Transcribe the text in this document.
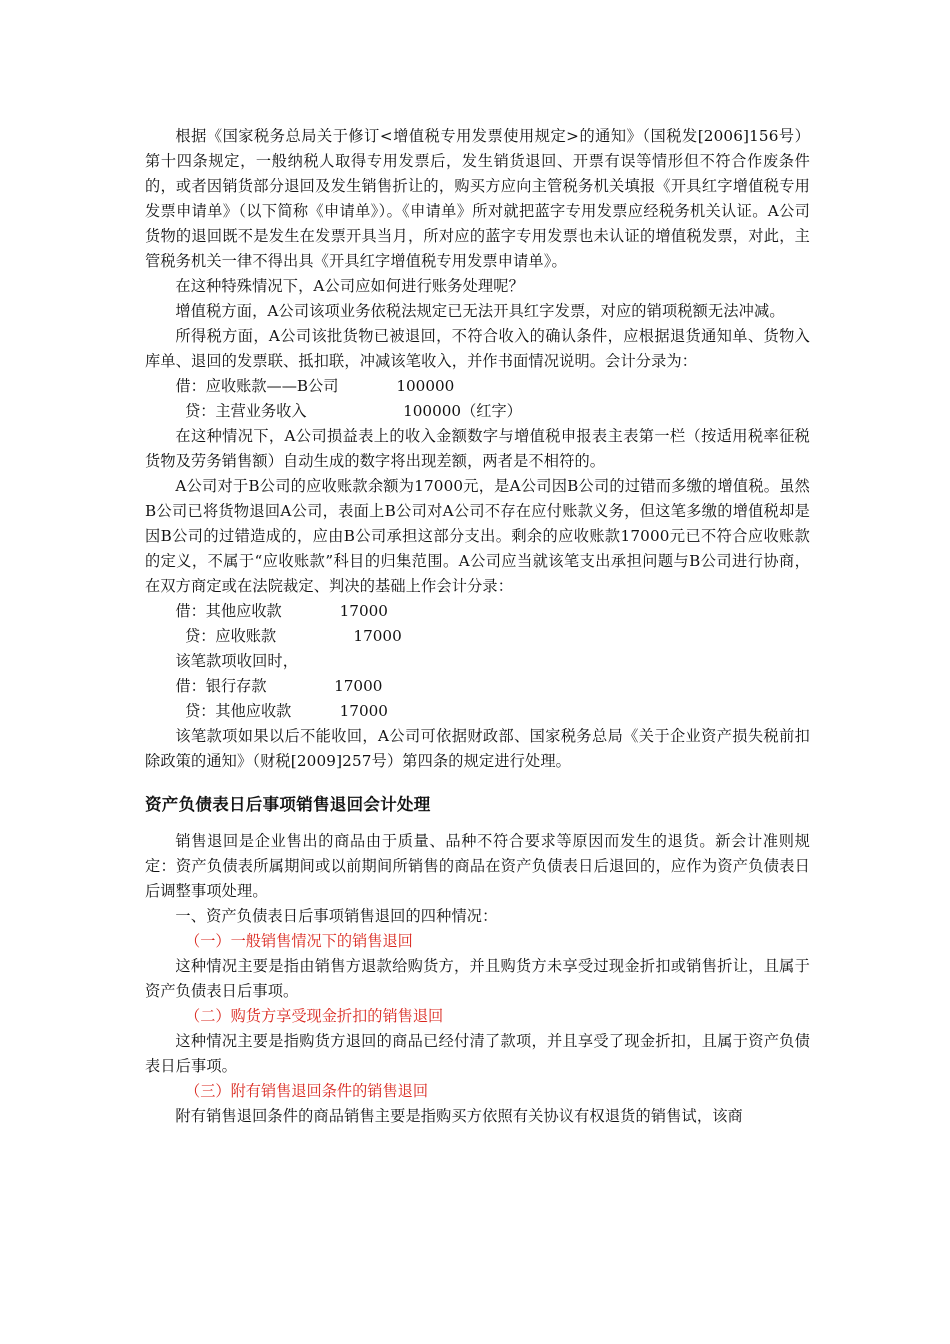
根据《国家税务总局关于修订<增值税专用发票使用规定>的通知》（国税发[2006]156号）第十四条规定，一般纳税人取得专用发票后，发生销货退回、开票有误等情形但不符合作废条件的，或者因销货部分退回及发生销售折让的，购买方应向主管税务机关填报《开具红字增值税专用发票申请单》（以下简称《申请单》）。《申请单》所对就把蓝字专用发票应经税务机关认证。A公司货物的退回既不是发生在发票开具当月，所对应的蓝字专用发票也未认证的增值税发票，对此，主管税务机关一律不得出具《开具红字增值税专用发票申请单》。

在这种特殊情况下，A公司应如何进行账务处理呢？

增值税方面，A公司该项业务依税法规定已无法开具红字发票，对应的销项税额无法冲减。

所得税方面，A公司该批货物已被退回，不符合收入的确认条件，应根据退货通知单、货物入库单、退回的发票联、抵扣联，冲减该笔收入，并作书面情况说明。会计分录为：

借：应收账款——B公司            100000

贷：主营业务收入                    100000（红字）

在这种情况下，A公司损益表上的收入金额数字与增值税申报表主表第一栏（按适用税率征税货物及劳务销售额）自动生成的数字将出现差额，两者是不相符的。

A公司对于B公司的应收账款余额为17000元，是A公司因B公司的过错而多缴的增值税。虽然B公司已将货物退回A公司，表面上B公司对A公司不存在应付账款义务，但这笔多缴的增值税却是因B公司的过错造成的，应由B公司承担这部分支出。剩余的应收账款17000元已不符合应收账款的定义，不属于“应收账款”科目的归集范围。A公司应当就该笔支出承担问题与B公司进行协商，在双方商定或在法院裁定、判决的基础上作会计分录：

借：其他应收款            17000

贷：应收账款                17000

该笔款项收回时，

借：银行存款              17000

贷：其他应收款          17000

该笔款项如果以后不能收回，A公司可依据财政部、国家税务总局《关于企业资产损失税前扣除政策的通知》（财税[2009]257号）第四条的规定进行处理。

资产负债表日后事项销售退回会计处理

销售退回是企业售出的商品由于质量、品种不符合要求等原因而发生的退货。新会计准则规定：资产负债表所属期间或以前期间所销售的商品在资产负债表日后退回的，应作为资产负债表日后调整事项处理。

一、资产负债表日后事项销售退回的四种情况：

（一）一般销售情况下的销售退回

这种情况主要是指由销售方退款给购货方，并且购货方未享受过现金折扣或销售折让，且属于资产负债表日后事项。

（二）购货方享受现金折扣的销售退回

这种情况主要是指购货方退回的商品已经付清了款项，并且享受了现金折扣，且属于资产负债表日后事项。

（三）附有销售退回条件的销售退回

附有销售退回条件的商品销售主要是指购买方依照有关协议有权退货的销售试，该商
